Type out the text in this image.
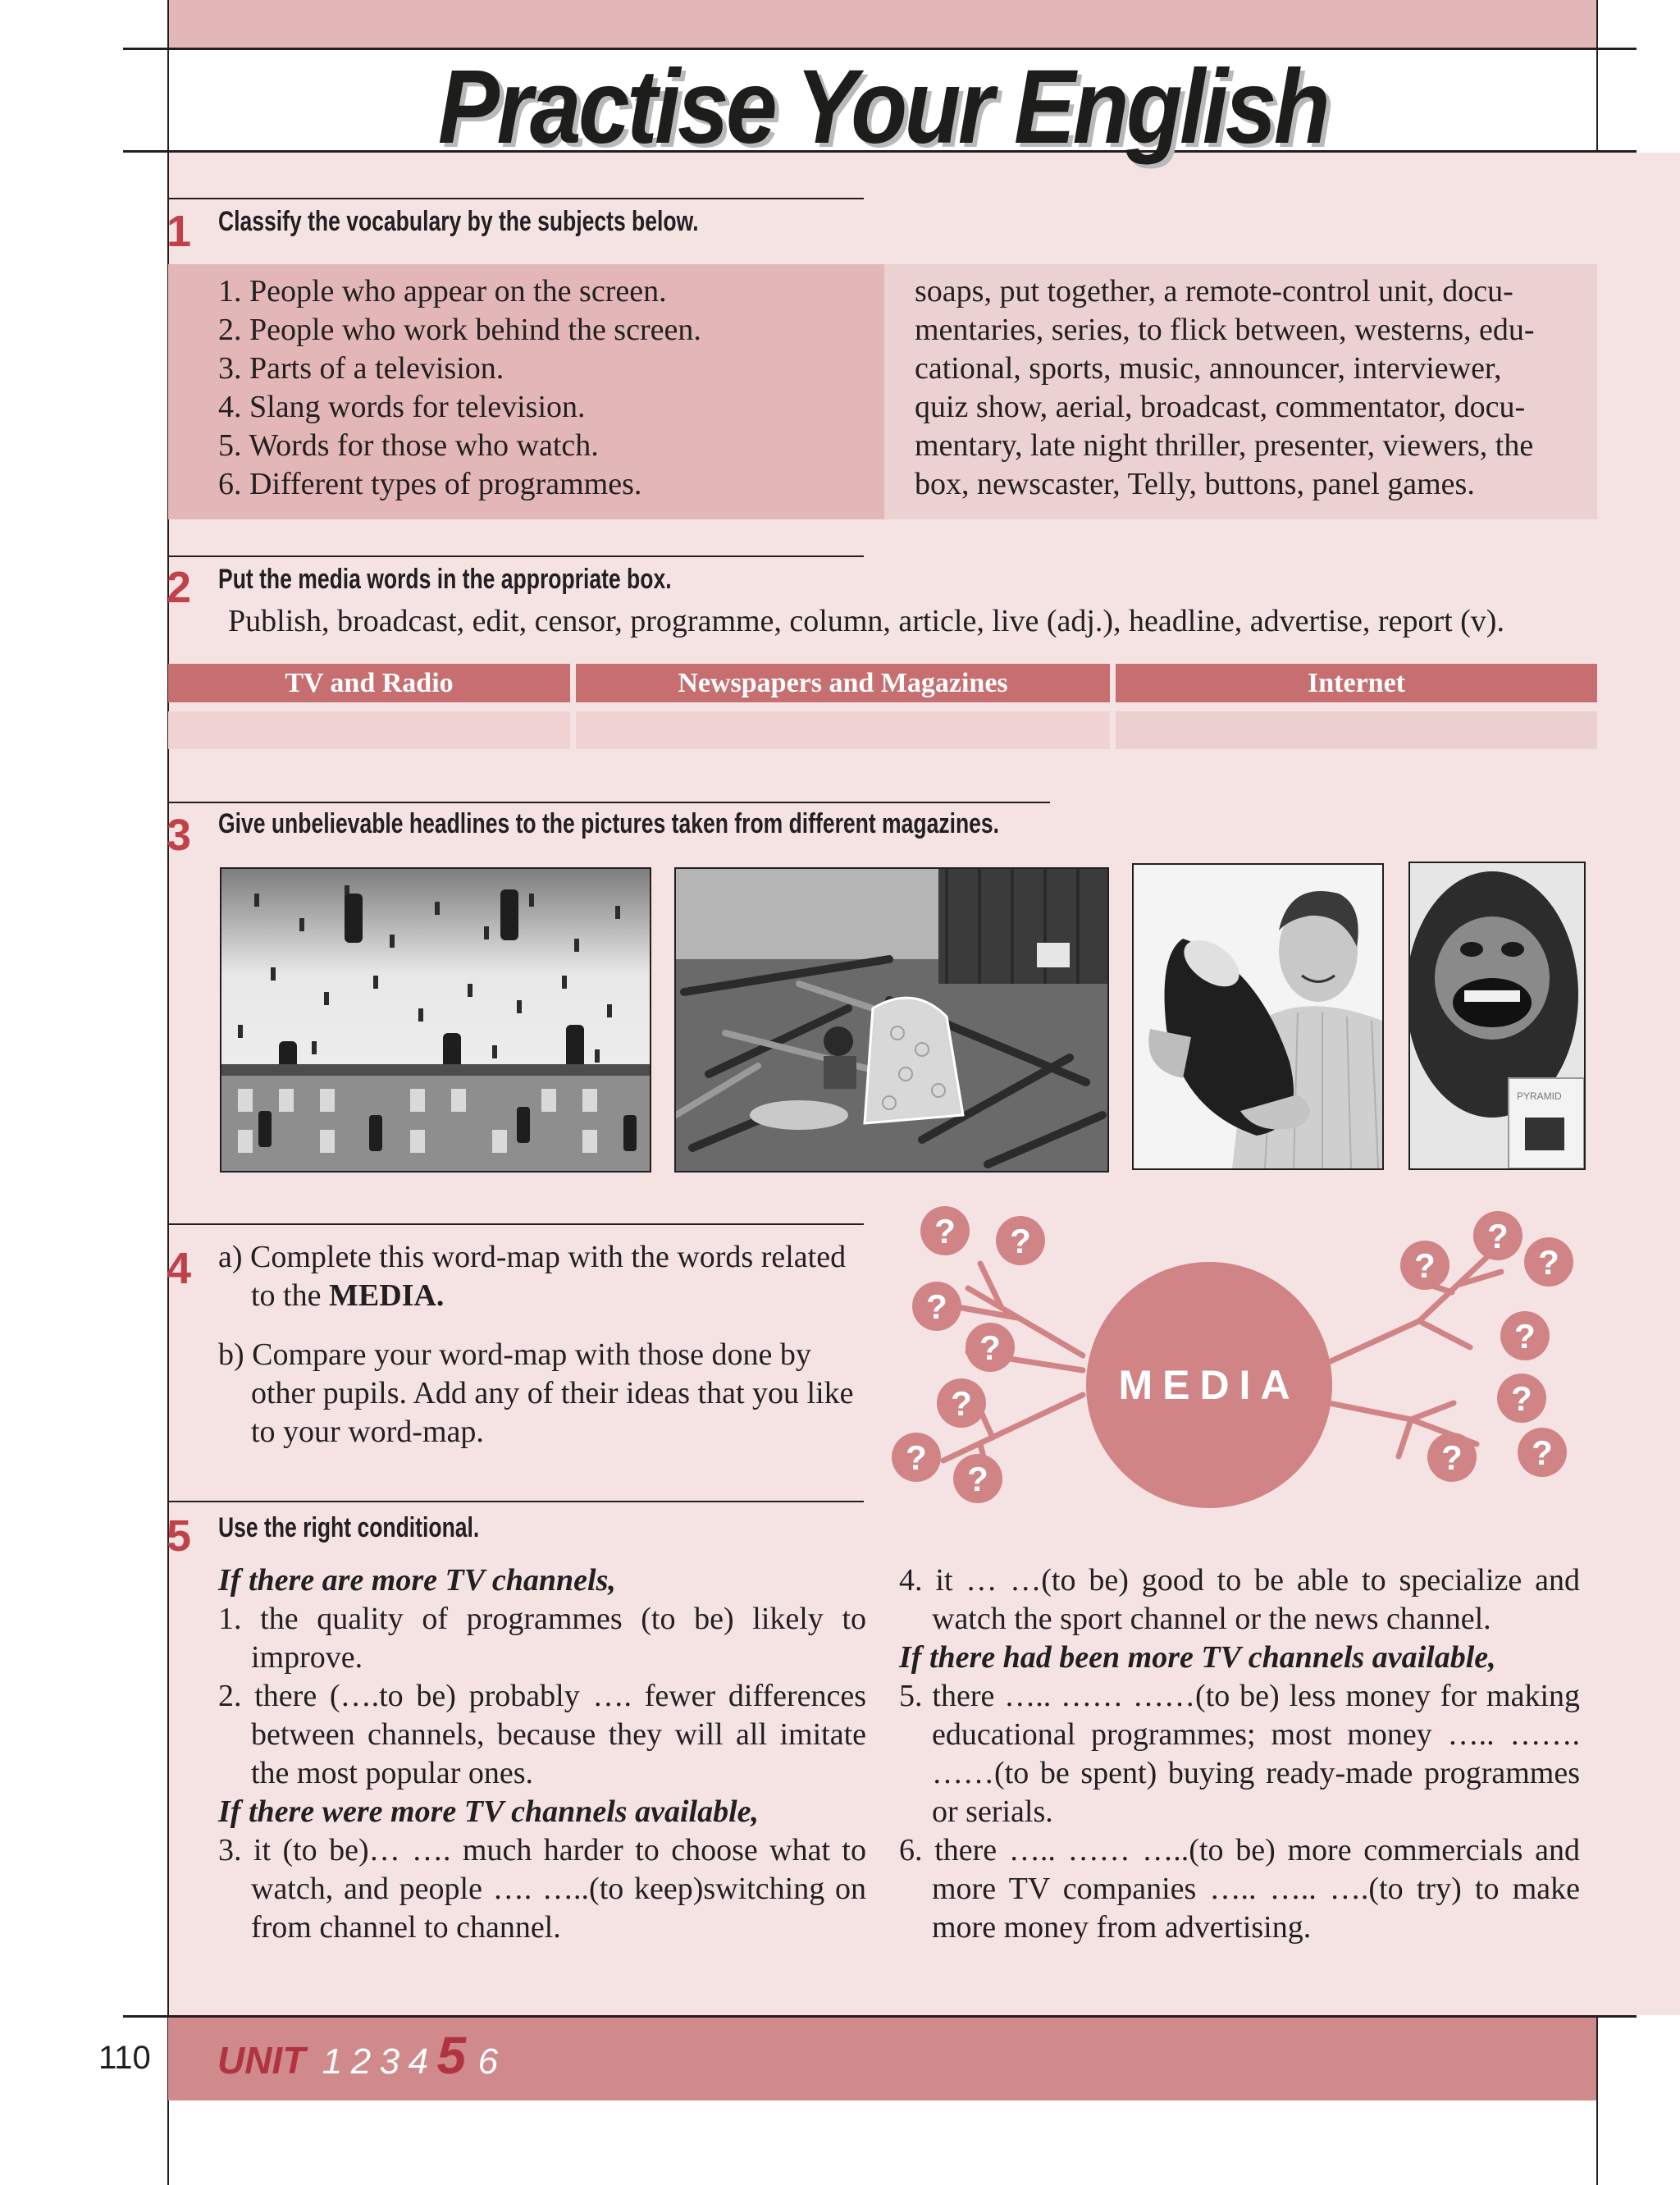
Practise Your English
1 Classify the vocabulary by the subjects below.
1. People who appear on the screen.
2. People who work behind the screen.
3. Parts of a television.
4. Slang words for television.
5. Words for those who watch.
6. Different types of programmes.
soaps, put together, a remote-control unit, docu-
mentaries, series, to flick between, westerns, edu-
cational, sports, music, announcer, interviewer,
quiz show, aerial, broadcast, commentator, docu-
mentary, late night thriller, presenter, viewers, the
box, newscaster, Telly, buttons, panel games.
2 Put the media words in the appropriate box.
Publish, broadcast, edit, censor, programme, column, article, live (adj.), headline, advertise, report (v).
TV and Radio	Newspapers and Magazines	Internet
3 Give unbelievable headlines to the pictures taken from different magazines.
PYRAMID
4 a) Complete this word-map with the words related
to the MEDIA.
b) Compare your word-map with those done by
other pupils. Add any of their ideas that you like
to your word-map.
MEDIA
? ?
?
?
?
?
?
?
?
?
?
?
? ?
5 Use the right conditional.
If there are more TV channels,
1. the quality of programmes (to be) likely to improve.
2. there (….to be) probably …. fewer differences between channels, because they will all imitate the most popular ones.
If there were more TV channels available,
3. it (to be)… …. much harder to choose what to watch, and people …. …..(to keep)switching on from channel to channel.
4. it … …(to be) good to be able to specialize and watch the sport channel or the news channel.
If there had been more TV channels available,
5. there ….. …… ……(to be) less money for making educational programmes; most money ….. ……. ……(to be spent) buying ready-made programmes or serials.
6. there ….. …… …..(to be) more commercials and more TV companies ….. ….. ….(to try) to make more money from advertising.
110	UNIT 1 2 3 4 5 6
